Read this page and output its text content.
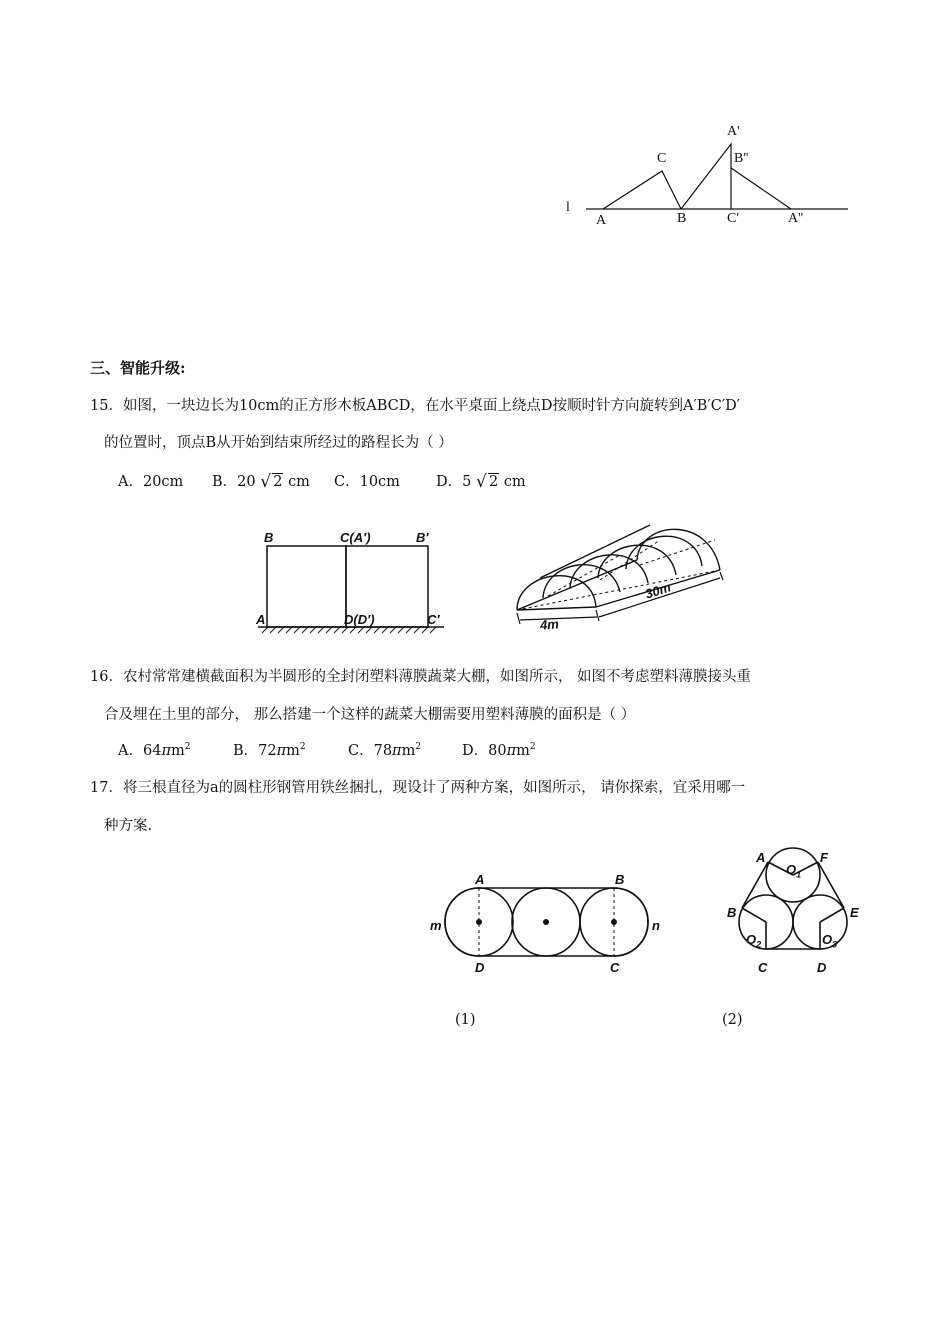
l
A
C
B
A'
B''
C'	A''
三、智能升级:
15．如图，一块边长为10cm的正方形木板ABCD，在水平桌面上绕点D按顺时针方向旋转到A′B′C′D′
的位置时，顶点B从开始到结束所经过的路程长为（ ）
A．20cm B．20 √ 2 cm C．10cm D．5 √ 2 cm
B	C(A′)	B′
A	D(D′)	C′	4m
30m
16．农村常常建横截面积为半圆形的全封闭塑料薄膜蔬菜大棚，如图所示， 如图不考虑塑料薄膜接头重
合及埋在土里的部分， 那么搭建一个这样的蔬菜大棚需要用塑料薄膜的面积是（ ）
A．$64\pi m^2$	B．$72\pi m^2$	C．$78\pi m^2$	D．$80\pi m^2$
17．将三根直径为a的圆柱形钢管用铁丝捆扎，现设计了两种方案，如图所示， 请你探索，宜采用哪一
种方案.
A	B
m	n
D	C
(1)
A	F
$O_1$
B	E
$O_2$	$O_3$
C	D
(2)
